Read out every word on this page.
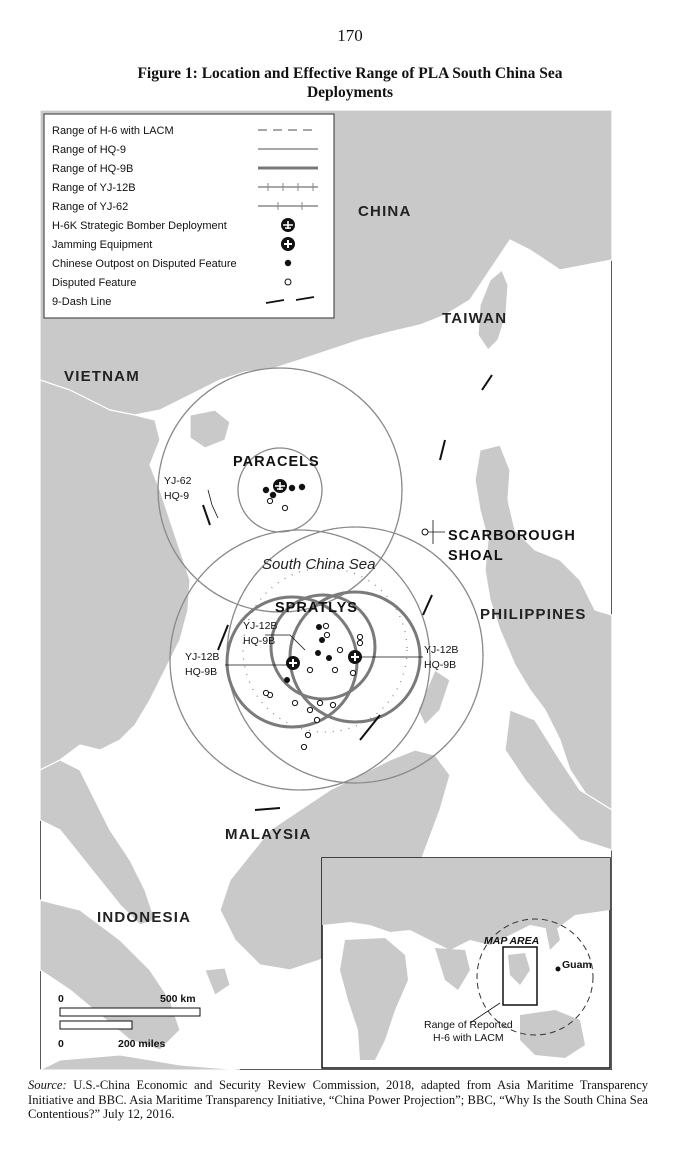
170
Figure 1: Location and Effective Range of PLA South China Sea
Deployments
Range of H-6 with LACM
Range of HQ-9
Range of HQ-9B
Range of YJ-12B
Range of YJ-62
H-6K Strategic Bomber Deployment
Jamming Equipment
Chinese Outpost on Disputed Feature
Disputed Feature
9-Dash Line
CHINA
TAIWAN
VIETNAM
PARACELS
YJ-62
HQ-9
SCARBOROUGH
SHOAL
South China Sea
SPRATLYS	PHILIPPINES
YJ-12B
HQ-9B
YJ-12B
HQ-9B
YJ-12B
HQ-9B
MALAYSIA
INDONESIA
0	500 km
0	200 miles
MAP AREA
Guam
Range of Reported
H-6 with LACM
Source: U.S.-China Economic and Security Review Commission, 2018, adapted from Asia Maritime Transparency Initiative and BBC. Asia Maritime Transparency Initiative, “China Power Projection”; BBC, “Why Is the South China Sea Contentious?” July 12, 2016.
